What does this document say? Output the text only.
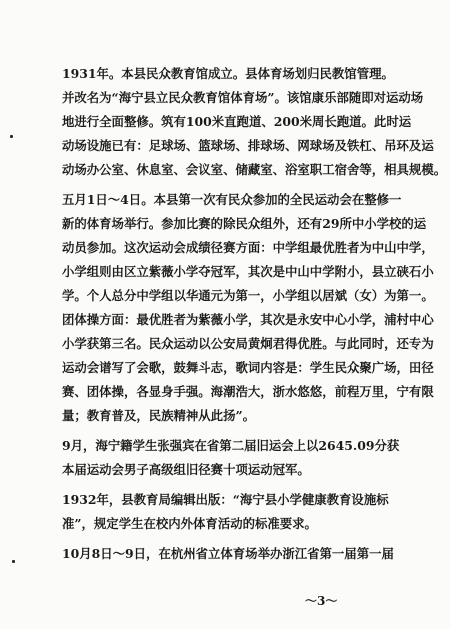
1931年。本县民众教育馆成立。县体育场划归民教馆管理。
并改名为“海宁县立民众教育馆体育场”。该馆康乐部随即对运动场
地进行全面整修。筑有100米直跑道、200米周长跑道。此时运
动场设施已有：足球场、篮球场、排球场、网球场及铁杠、吊环及运
动场办公室、休息室、会议室、储藏室、浴室职工宿舍等，相具规模。
五月1日～4日。本县第一次有民众参加的全民运动会在整修一
新的体育场举行。参加比赛的除民众组外，还有29所中小学校的运
动员参加。这次运动会成绩径赛方面：中学组最优胜者为中山中学，
小学组则由区立紫薇小学夺冠军，其次是中山中学附小，县立硖石小
学。个人总分中学组以华通元为第一，小学组以居斌（女）为第一。
团体操方面：最优胜者为紫薇小学，其次是永安中心小学，浦村中心
小学获第三名。民众运动以公安局黄炯君得优胜。与此同时，还专为
运动会谱写了会歌，鼓舞斗志，歌词内容是：学生民众聚广场，田径
赛、团体操，各显身手强。海潮浩大，浙水悠悠，前程万里，宁有限
量；教育普及，民族精神从此扬”。
9月，海宁籍学生张强宾在省第二届旧运会上以2645.09分获
本届运动会男子高级组旧径赛十项运动冠军。
1932年，县教育局编辑出版：“海宁县小学健康教育设施标
准”，规定学生在校内外体育活动的标准要求。
10月8日～9日，在杭州省立体育场举办浙江省第一届第一届
～3～
